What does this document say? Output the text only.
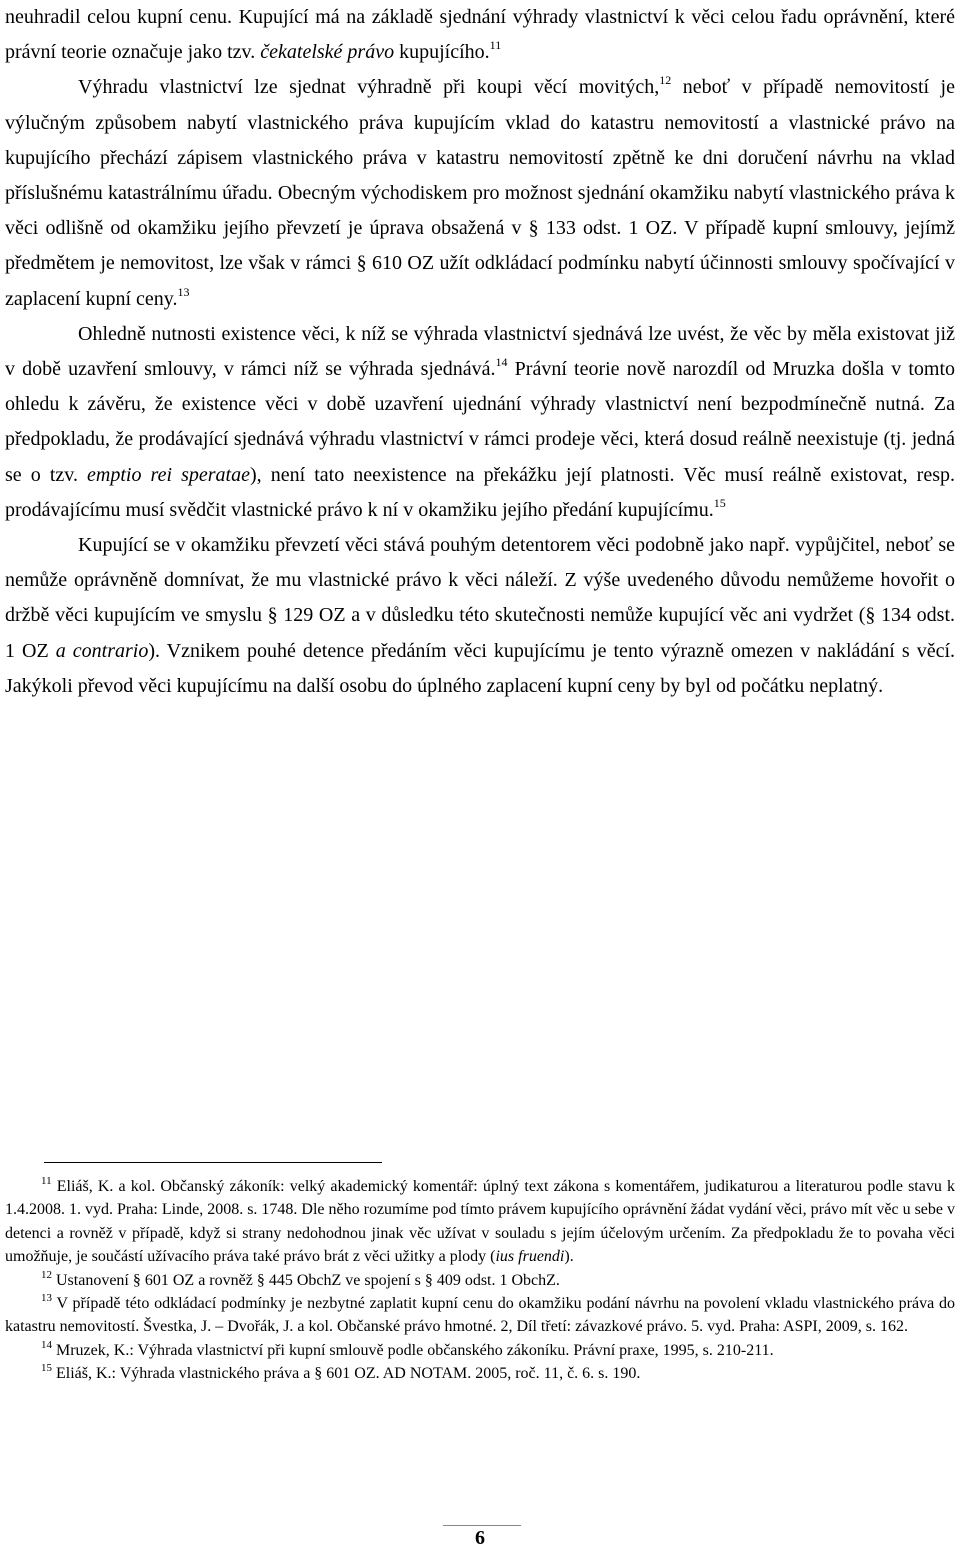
neuhradil celou kupní cenu. Kupující má na základě sjednání výhrady vlastnictví k věci celou řadu oprávnění, které právní teorie označuje jako tzv. čekatelské právo kupujícího.$^{11}$

Výhradu vlastnictví lze sjednat výhradně při koupi věcí movitých,$^{12}$ neboť v případě nemovitostí je výlučným způsobem nabytí vlastnického práva kupujícím vklad do katastru nemovitostí a vlastnické právo na kupujícího přechází zápisem vlastnického práva v katastru nemovitostí zpětně ke dni doručení návrhu na vklad příslušnému katastrálnímu úřadu. Obecným východiskem pro možnost sjednání okamžiku nabytí vlastnického práva k věci odlišně od okamžiku jejího převzetí je úprava obsažená v § 133 odst. 1 OZ. V případě kupní smlouvy, jejímž předmětem je nemovitost, lze však v rámci § 610 OZ užít odkládací podmínku nabytí účinnosti smlouvy spočívající v zaplacení kupní ceny.$^{13}$

Ohledně nutnosti existence věci, k níž se výhrada vlastnictví sjednává lze uvést, že věc by měla existovat již v době uzavření smlouvy, v rámci níž se výhrada sjednává.$^{14}$ Právní teorie nově narozdíl od Mruzka došla v tomto ohledu k závěru, že existence věci v době uzavření ujednání výhrady vlastnictví není bezpodmínečně nutná. Za předpokladu, že prodávající sjednává výhradu vlastnictví v rámci prodeje věci, která dosud reálně neexistuje (tj. jedná se o tzv. emptio rei speratae), není tato neexistence na překážku její platnosti. Věc musí reálně existovat, resp. prodávajícímu musí svědčit vlastnické právo k ní v okamžiku jejího předání kupujícímu.$^{15}$

Kupující se v okamžiku převzetí věci stává pouhým detentorem věci podobně jako např. vypůjčitel, neboť se nemůže oprávněně domnívat, že mu vlastnické právo k věci náleží. Z výše uvedeného důvodu nemůžeme hovořit o držbě věci kupujícím ve smyslu § 129 OZ a v důsledku této skutečnosti nemůže kupující věc ani vydržet (§ 134 odst. 1 OZ a contrario). Vznikem pouhé detence předáním věci kupujícímu je tento výrazně omezen v nakládání s věcí. Jakýkoli převod věci kupujícímu na další osobu do úplného zaplacení kupní ceny by byl od počátku neplatný.

$^{11}$ Eliáš, K. a kol. Občanský zákoník: velký akademický komentář: úplný text zákona s komentářem, judikaturou a literaturou podle stavu k 1.4.2008. 1. vyd. Praha: Linde, 2008. s. 1748. Dle něho rozumíme pod tímto právem kupujícího oprávnění žádat vydání věci, právo mít věc u sebe v detenci a rovněž v případě, když si strany nedohodnou jinak věc užívat v souladu s jejím účelovým určením. Za předpokladu že to povaha věci umožňuje, je součástí užívacího práva také právo brát z věci užitky a plody (ius fruendi).

$^{12}$ Ustanovení § 601 OZ a rovněž § 445 ObchZ ve spojení s § 409 odst. 1 ObchZ.

$^{13}$ V případě této odkládací podmínky je nezbytné zaplatit kupní cenu do okamžiku podání návrhu na povolení vkladu vlastnického práva do katastru nemovitostí. Švestka, J. – Dvořák, J. a kol. Občanské právo hmotné. 2, Díl třetí: závazkové právo. 5. vyd. Praha: ASPI, 2009, s. 162.

$^{14}$ Mruzek, K.: Výhrada vlastnictví při kupní smlouvě podle občanského zákoníku. Právní praxe, 1995, s. 210-211.

$^{15}$ Eliáš, K.: Výhrada vlastnického práva a § 601 OZ. AD NOTAM. 2005, roč. 11, č. 6. s. 190.

6
